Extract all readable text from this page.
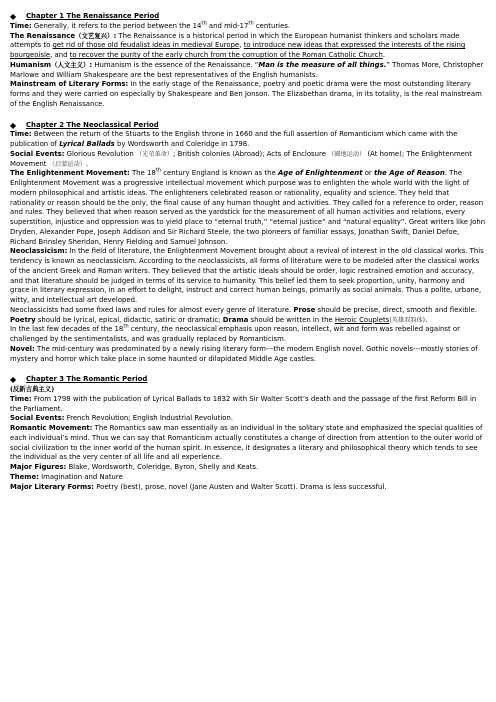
◆ Chapter 1 The Renaissance Period

Time: Generally, it refers to the period between the 14th and mid-17th centuries.

The Renaissance（文艺复兴）: The Renaissance is a historical period in which the European humanist thinkers and scholars made attempts to get rid of those old feudalist ideas in medieval Europe, to introduce new ideas that expressed the interests of the rising bourgeoisie, and to recover the purity of the early church from the corruption of the Roman Catholic Church.

Humanism（人文主义）: Humanism is the essence of the Renaissance. “Man is the measure of all things.” Thomas More, Christopher Marlowe and William Shakespeare are the best representatives of the English humanists.

Mainstream of Literary Forms: In the early stage of the Renaissance, poetry and poetic drama were the most outstanding literary forms and they were carried on especially by Shakespeare and Ben Jonson. The Elizabethan drama, in its totality, is the real mainstream of the English Renaissance.

◆ Chapter 2 The Neoclassical Period

Time: Between the return of the Stuarts to the English throne in 1660 and the full assertion of Romanticism which came with the publication of Lyrical Ballads by Wordsworth and Coleridge in 1798.

Social Events: Glorious Revolution （光荣革命）; British colonies (Abroad); Acts of Enclosure （圈地运动） (At home); The Enlightenment Movement （启蒙运动）.

The Enlightenment Movement: The 18th century England is known as the Age of Enlightenment or the Age of Reason. The Enlightenment Movement was a progressive intellectual movement which purpose was to enlighten the whole world with the light of modern philosophical and artistic ideas. The enlighteners celebrated reason or rationality, equality and science. They held that rationality or reason should be the only, the final cause of any human thought and activities. They called for a reference to order, reason and rules. They believed that when reason served as the yardstick for the measurement of all human activities and relations, every superstition, injustice and oppression was to yield place to “eternal truth,” “eternal justice” and “natural equality”. Great writers like John Dryden, Alexander Pope, Joseph Addison and Sir Richard Steele, the two pioneers of familiar essays, Jonathan Swift, Daniel Defoe, Richard Brinsley Sheridan, Henry Fielding and Samuel Johnson.

Neoclassicism: In the field of literature, the Enlightenment Movement brought about a revival of interest in the old classical works. This tendency is known as neoclassicism. According to the neoclassicists, all forms of literature were to be modeled after the classical works of the ancient Greek and Roman writers. They believed that the artistic ideals should be order, logic restrained emotion and accuracy, and that literature should be judged in terms of its service to humanity. This belief led them to seek proportion, unity, harmony and grace in literary expression, in an effort to delight, instruct and correct human beings, primarily as social animals. Thus a polite, urbane, witty, and intellectual art developed.

Neoclassicists had some fixed laws and rules for almost every genre of literature. Prose should be precise, direct, smooth and flexible. Poetry should be lyrical, epical, didactic, satiric or dramatic; Drama should be written in the Heroic Couplets(英雄双韵体).

In the last few decades of the 18th century, the neoclassical emphasis upon reason, intellect, wit and form was rebelled against or challenged by the sentimentalists, and was gradually replaced by Romanticism.

Novel: The mid-century was predominated by a newly rising literary form---the modern English novel. Gothic novels---mostly stories of mystery and horror which take place in some haunted or dilapidated Middle Age castles.

◆ Chapter 3 The Romantic Period

(反新古典主义)

Time: From 1798 with the publication of Lyrical Ballads to 1832 with Sir Walter Scott’s death and the passage of the first Reform Bill in the Parliament.

Social Events: French Revolution; English Industrial Revolution.

Romantic Movement: The Romantics saw man essentially as an individual in the solitary state and emphasized the special qualities of each individual’s mind. Thus we can say that Romanticism actually constitutes a change of direction from attention to the outer world of social civilization to the inner world of the human spirit. In essence, it designates a literary and philosophical theory which tends to see the individual as the very center of all life and all experience.

Major Figures: Blake, Wordsworth, Coleridge, Byron, Shelly and Keats.

Theme: Imagination and Nature

Major Literary Forms: Poetry (best), prose, novel (Jane Austen and Walter Scott). Drama is less successful.
